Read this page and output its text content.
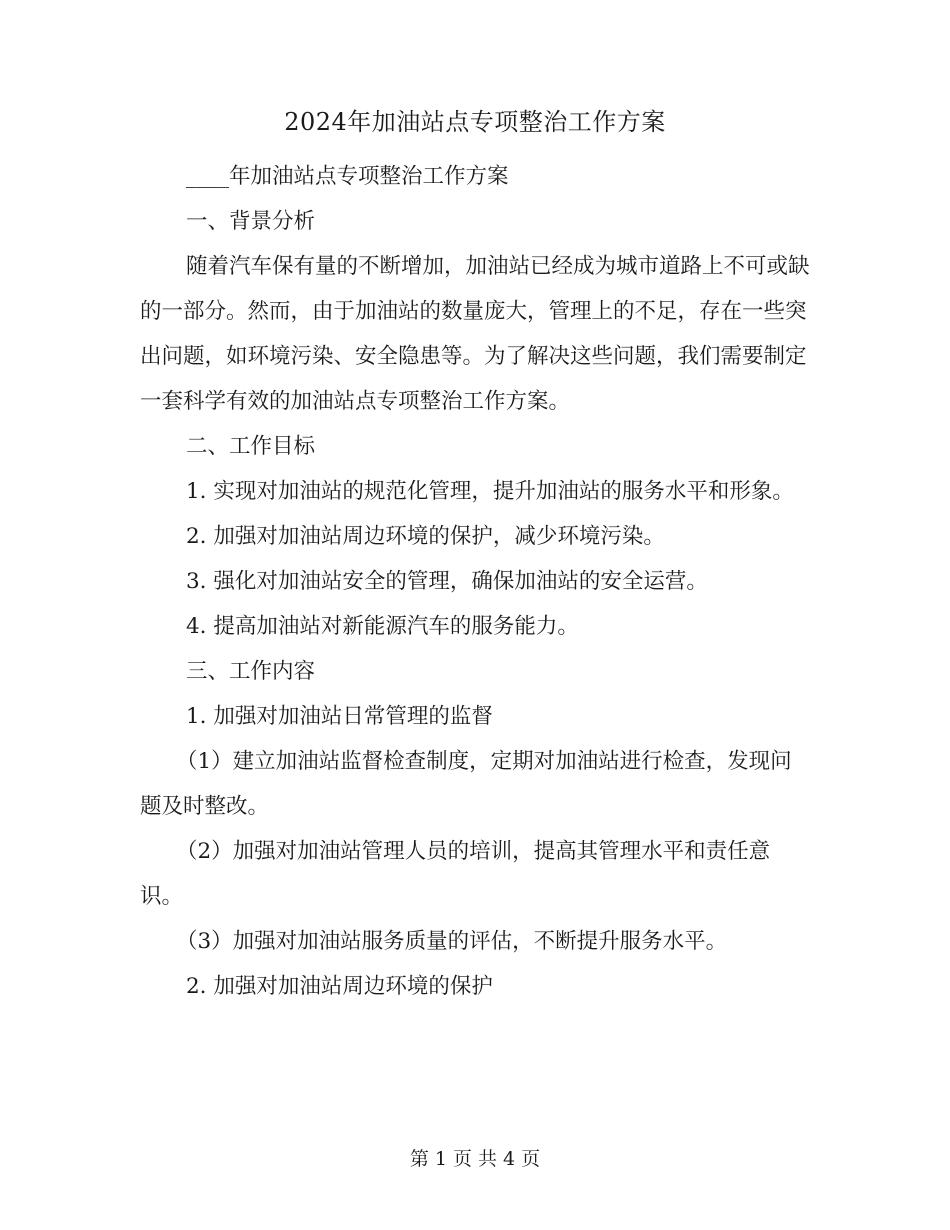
2024年加油站点专项整治工作方案

____年加油站点专项整治工作方案

一、背景分析

随着汽车保有量的不断增加，加油站已经成为城市道路上不可或缺的一部分。然而，由于加油站的数量庞大，管理上的不足，存在一些突出问题，如环境污染、安全隐患等。为了解决这些问题，我们需要制定一套科学有效的加油站点专项整治工作方案。

二、工作目标

1. 实现对加油站的规范化管理，提升加油站的服务水平和形象。

2. 加强对加油站周边环境的保护，减少环境污染。

3. 强化对加油站安全的管理，确保加油站的安全运营。

4. 提高加油站对新能源汽车的服务能力。

三、工作内容

1. 加强对加油站日常管理的监督

（1）建立加油站监督检查制度，定期对加油站进行检查，发现问题及时整改。

（2）加强对加油站管理人员的培训，提高其管理水平和责任意识。

（3）加强对加油站服务质量的评估，不断提升服务水平。

2. 加强对加油站周边环境的保护

第 1 页 共 4 页
